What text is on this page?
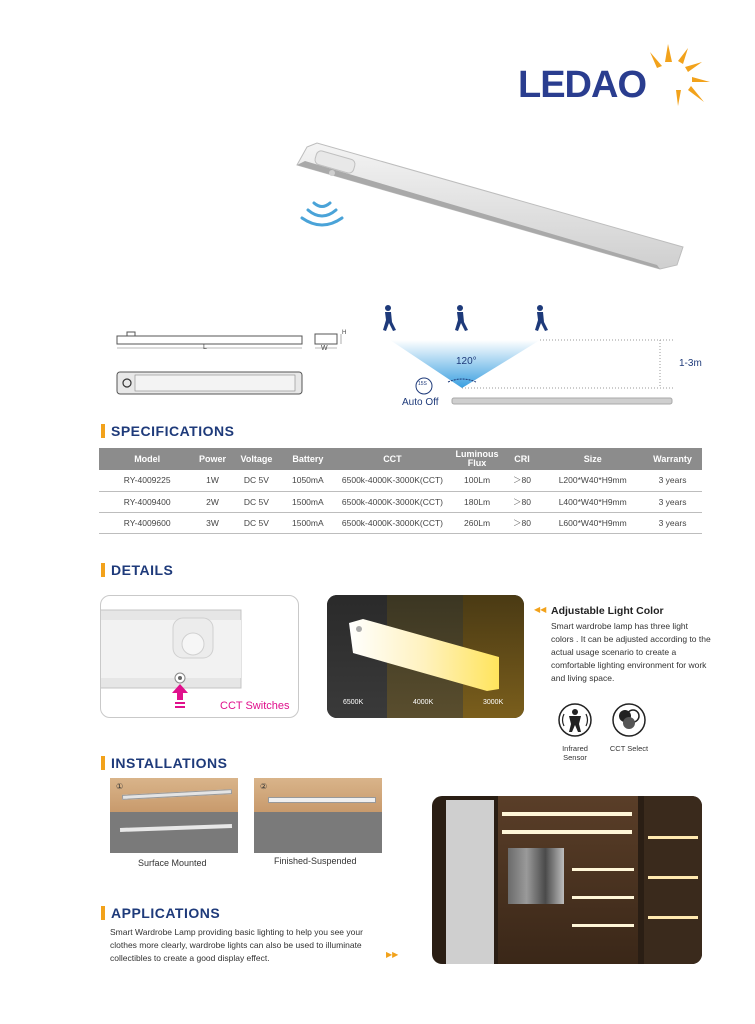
LEDAO
L	W
H
120°	1-3m
15S
Auto Off
SPECIFICATIONS
Model	Power	Voltage	Battery	CCT	Luminous Flux	CRI	Size	Warranty
RY-4009225	1W	DC 5V	1050mA	6500k-4000K-3000K(CCT)	100Lm	＞80	L200*W40*H9mm	3 years
RY-4009400	2W	DC 5V	1500mA	6500k-4000K-3000K(CCT)	180Lm	＞80	L400*W40*H9mm	3 years
RY-4009600	3W	DC 5V	1500mA	6500k-4000K-3000K(CCT)	260Lm	＞80	L600*W40*H9mm	3 years
DETAILS
CCT Switches	6500K	4000K	3000K
◀◀ Adjustable Light Color
Smart wardrobe lamp has three light colors . It can be adjusted according to the actual usage scenario to create a comfortable lighting environment for work and living space.
Infrared Sensor
CCT Select
INSTALLATIONS
①	②
Surface Mounted	Finished-Suspended
APPLICATIONS
Smart Wardrobe Lamp providing basic lighting to help you see your clothes more clearly, wardrobe lights can also be used to illuminate collectibles to create a good display effect.	▶▶
